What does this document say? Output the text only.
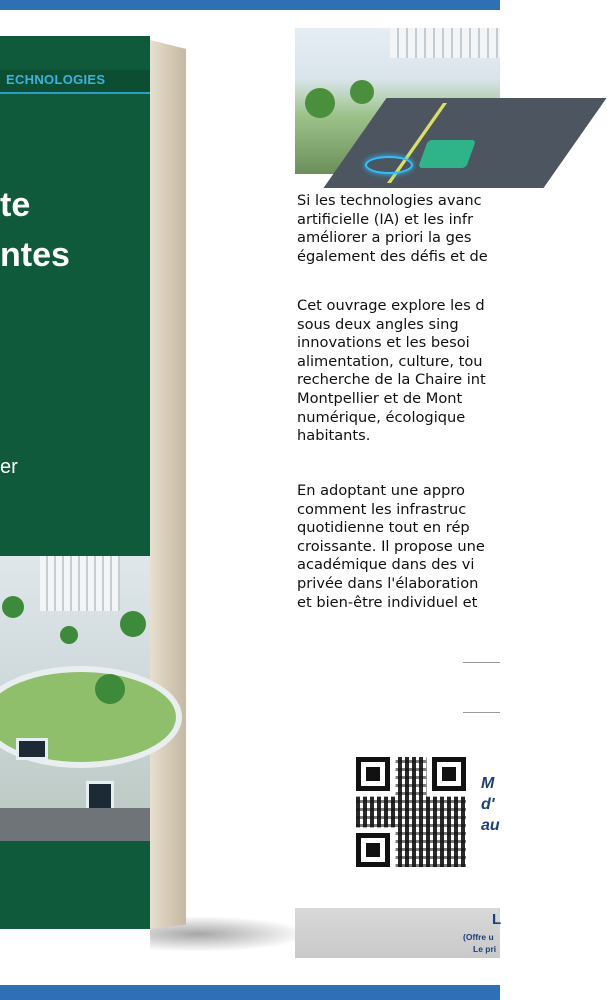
ECHNOLOGIES
te
ntes
er
Si les technologies avanc
artificielle (IA) et les infr
améliorer a priori la ges
également des défis et de
Cet ouvrage explore les d
sous deux angles sing
innovations et les besoi
alimentation, culture, tou
recherche de la Chaire int
Montpellier et de Mont
numérique, écologique
habitants.
En adoptant une appro
comment les infrastruc
quotidienne tout en rép
croissante. Il propose une
académique dans des vi
privée dans l'élaboration
et bien-être individuel et
M
d'
au
L
(Offre u
Le pri
